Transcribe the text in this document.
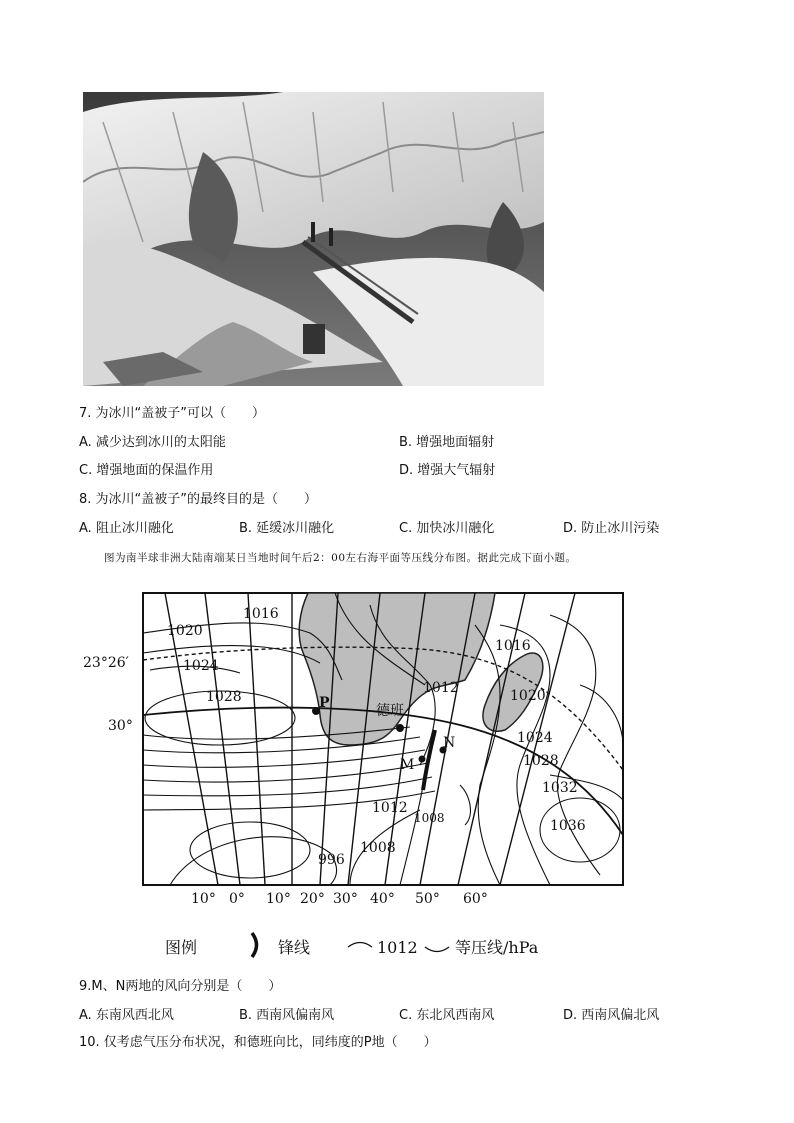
7. 为冰川“盖被子”可以（　　）
A. 减少达到冰川的太阳能	B. 增强地面辐射
C. 增强地面的保温作用	D. 增强大气辐射
8. 为冰川“盖被子”的最终目的是（　　）
A. 阻止冰川融化	B. 延缓冰川融化	C. 加快冰川融化	D. 防止冰川污染
图为南半球非洲大陆南端某日当地时间午后2：00左右海平面等压线分布图。据此完成下面小题。
1016
1020
1024
1028
1012
1016
1020
1024
1028
1032
1036
1012
1008
1008
996
23°26′
30°
10° 0° 10° 20° 30° 40° 50° 60°
P	德班
M
N
图例	锋线	1012 等压线/hPa
9.M、N两地的风向分别是（　　）
A. 东南风西北风	B. 西南风偏南风	C. 东北风西南风	D. 西南风偏北风
10. 仅考虑气压分布状况，和德班向比，同纬度的P地（　　）
